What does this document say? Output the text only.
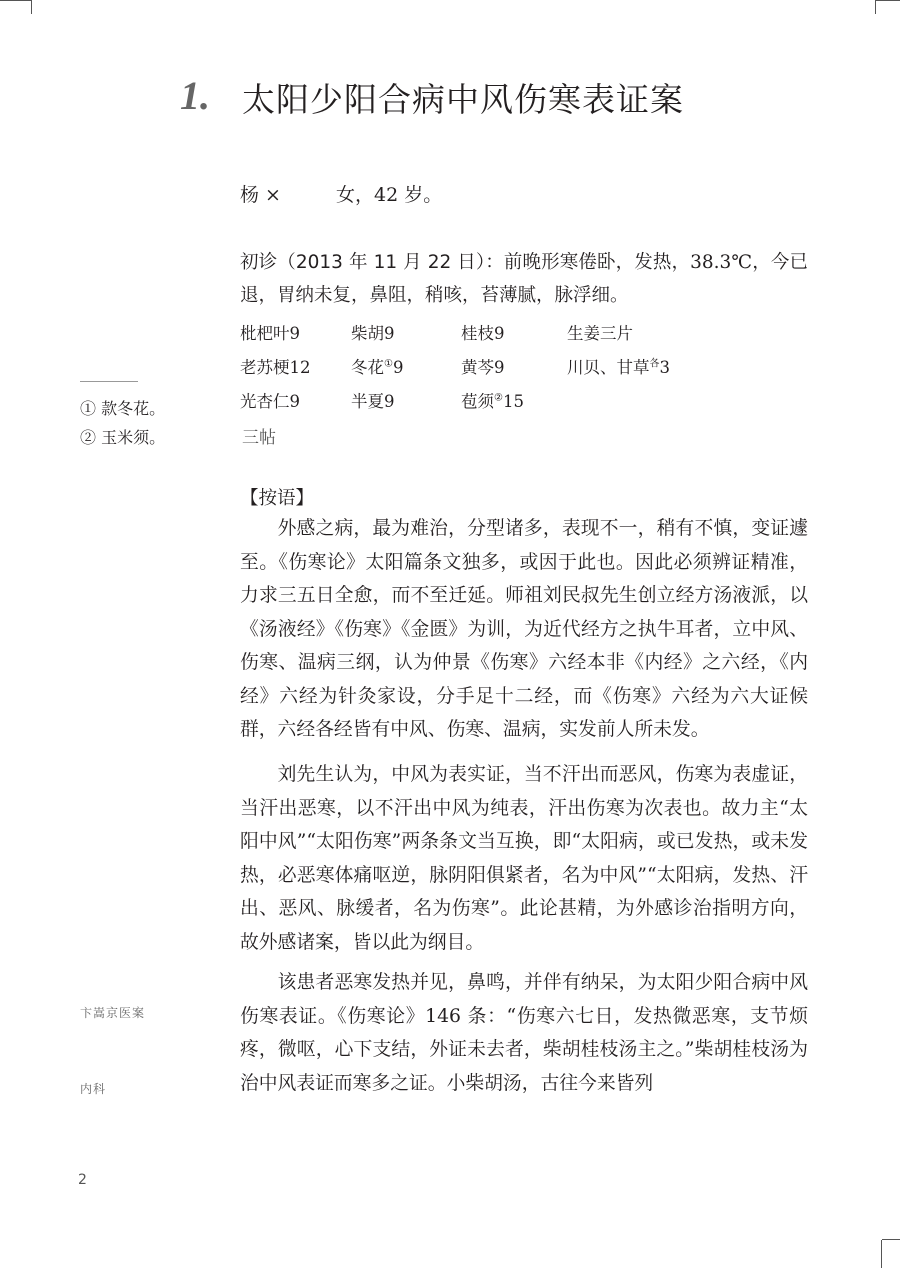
1. 太阳少阳合病中风伤寒表证案
杨 ×	女，42 岁。
初诊（2013 年 11 月 22 日）：前晚形寒倦卧，发热，38.3℃，今已退，胃纳未复，鼻阻，稍咳，苔薄腻，脉浮细。
枇杷叶9	柴胡9	桂枝9	生姜三片
老苏梗12 冬花①9	黄芩9	川贝、甘草$^各$3
光杏仁9	半夏9	苞须②15
三帖
① 款冬花。
② 玉米须。
【按语】

外感之病，最为难治，分型诸多，表现不一，稍有不慎，变证遽至。《伤寒论》太阳篇条文独多，或因于此也。因此必须辨证精准，力求三五日全愈，而不至迁延。师祖刘民叔先生创立经方汤液派，以《汤液经》《伤寒》《金匮》为训，为近代经方之执牛耳者，立中风、伤寒、温病三纲，认为仲景《伤寒》六经本非《内经》之六经，《内经》六经为针灸家设，分手足十二经，而《伤寒》六经为六大证候群，六经各经皆有中风、伤寒、温病，实发前人所未发。

刘先生认为，中风为表实证，当不汗出而恶风，伤寒为表虚证，当汗出恶寒，以不汗出中风为纯表，汗出伤寒为次表也。故力主“太阳中风”“太阳伤寒”两条条文当互换，即“太阳病，或已发热，或未发热，必恶寒体痛呕逆，脉阴阳俱紧者，名为中风”“太阳病，发热、汗出、恶风、脉缓者，名为伤寒”。此论甚精，为外感诊治指明方向，故外感诸案，皆以此为纲目。

该患者恶寒发热并见，鼻鸣，并伴有纳呆，为太阳少阳合病中风伤寒表证。《伤寒论》146 条：“伤寒六七日，发热微恶寒，支节烦疼，微呕，心下支结，外证未去者，柴胡桂枝汤主之。”柴胡桂枝汤为治中风表证而寒多之证。小柴胡汤，古往今来皆列

卞嵩京医案
内科
2
